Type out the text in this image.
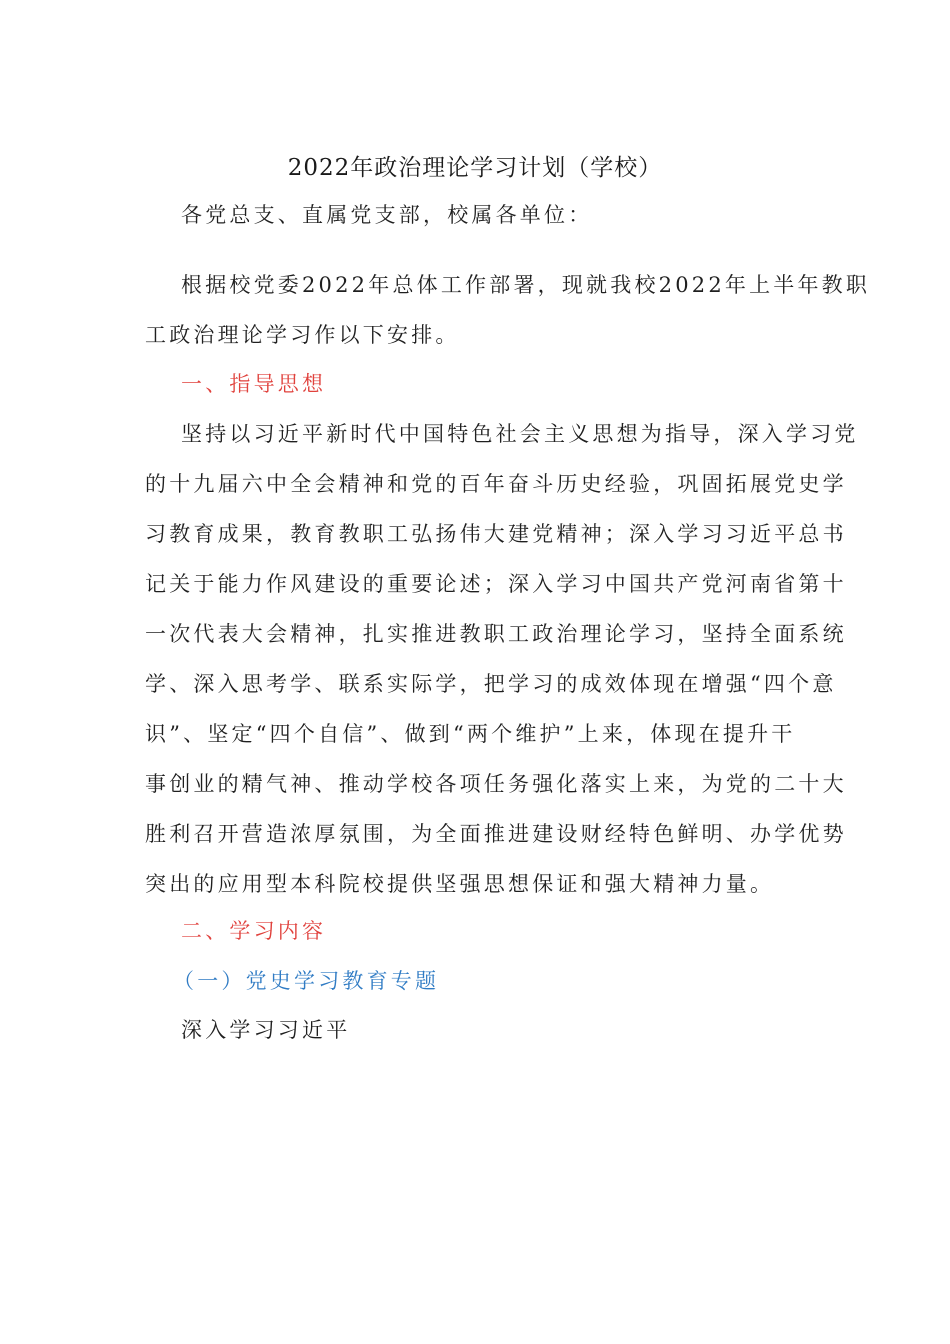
2022年政治理论学习计划（学校）

各党总支、直属党支部，校属各单位：

根据校党委2022年总体工作部署，现就我校2022年上半年教职
工政治理论学习作以下安排。

一、指导思想

坚持以习近平新时代中国特色社会主义思想为指导，深入学习党
的十九届六中全会精神和党的百年奋斗历史经验，巩固拓展党史学
习教育成果，教育教职工弘扬伟大建党精神；深入学习习近平总书
记关于能力作风建设的重要论述；深入学习中国共产党河南省第十
一次代表大会精神，扎实推进教职工政治理论学习，坚持全面系统
学、深入思考学、联系实际学，把学习的成效体现在增强“四个意
识”、坚定“四个自信”、做到“两个维护”上来，体现在提升干
事创业的精气神、推动学校各项任务强化落实上来，为党的二十大
胜利召开营造浓厚氛围，为全面推进建设财经特色鲜明、办学优势
突出的应用型本科院校提供坚强思想保证和强大精神力量。

二、学习内容

（一）党史学习教育专题

深入学习习近平
